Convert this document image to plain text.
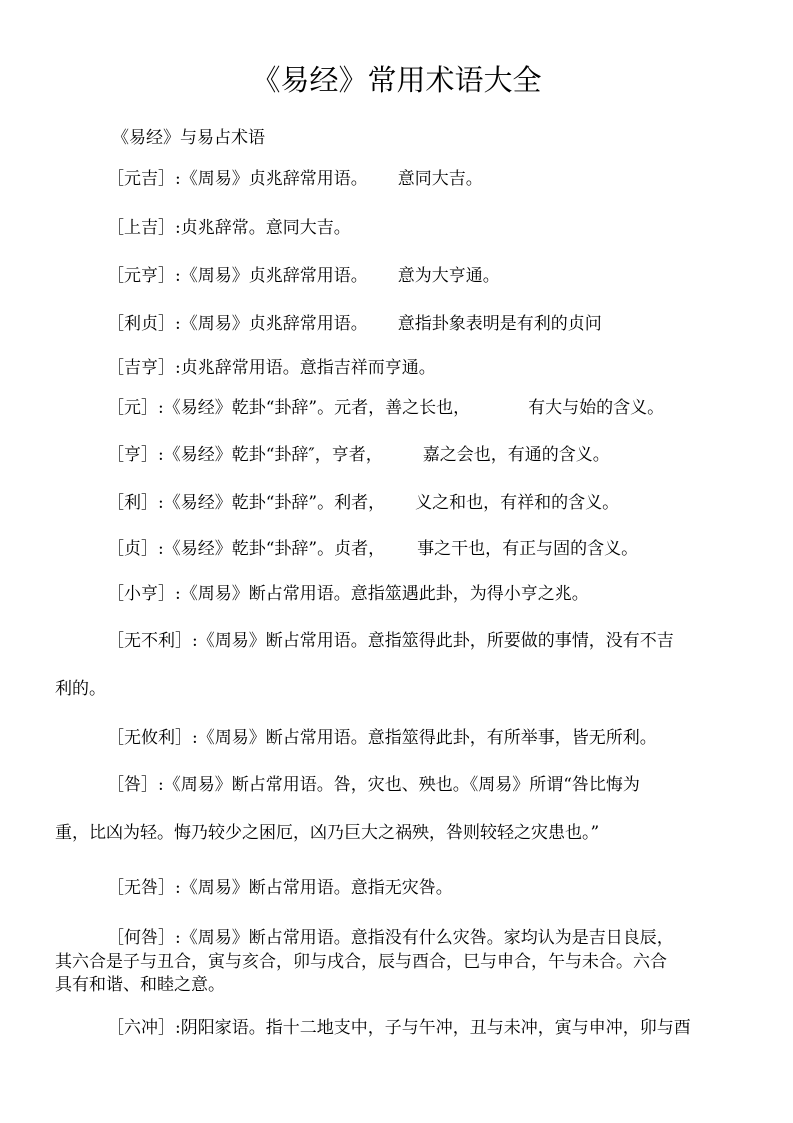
《易经》常用术语大全
《易经》与易占术语
［元吉］:《周易》贞兆辞常用语。 意同大吉。
［上吉］:贞兆辞常。意同大吉。
［元亨］:《周易》贞兆辞常用语。 意为大亨通。
［利贞］:《周易》贞兆辞常用语。 意指卦象表明是有利的贞问
［吉亨］:贞兆辞常用语。意指吉祥而亨通。
［元］:《易经》乾卦“卦辞”。元者，善之长也，	有大与始的含义。
［亨］:《易经》乾卦“卦辞″，亨者， 嘉之会也，有通的含义。
［利］:《易经》乾卦“卦辞”。利者， 义之和也，有祥和的含义。
［贞］:《易经》乾卦“卦辞”。贞者， 事之干也，有正与固的含义。
［小亨］:《周易》断占常用语。意指筮遇此卦，为得小亨之兆。
［无不利］:《周易》断占常用语。意指筮得此卦，所要做的事情，没有不吉
利的。
［无攸利］:《周易》断占常用语。意指筮得此卦，有所举事，皆无所利。
［咎］:《周易》断占常用语。咎，灾也、殃也。《周易》所谓“咎比悔为
重，比凶为轻。悔乃较少之困厄，凶乃巨大之祸殃，咎则较轻之灾患也。”
［无咎］:《周易》断占常用语。意指无灾咎。
［何咎］:《周易》断占常用语。意指没有什么灾咎。家均认为是吉日良辰，
其六合是子与丑合，寅与亥合，卯与戌合，辰与酉合，巳与申合，午与未合。六合
具有和谐、和睦之意。
［六冲］:阴阳家语。指十二地支中，子与午冲，丑与未冲，寅与申冲，卯与酉
